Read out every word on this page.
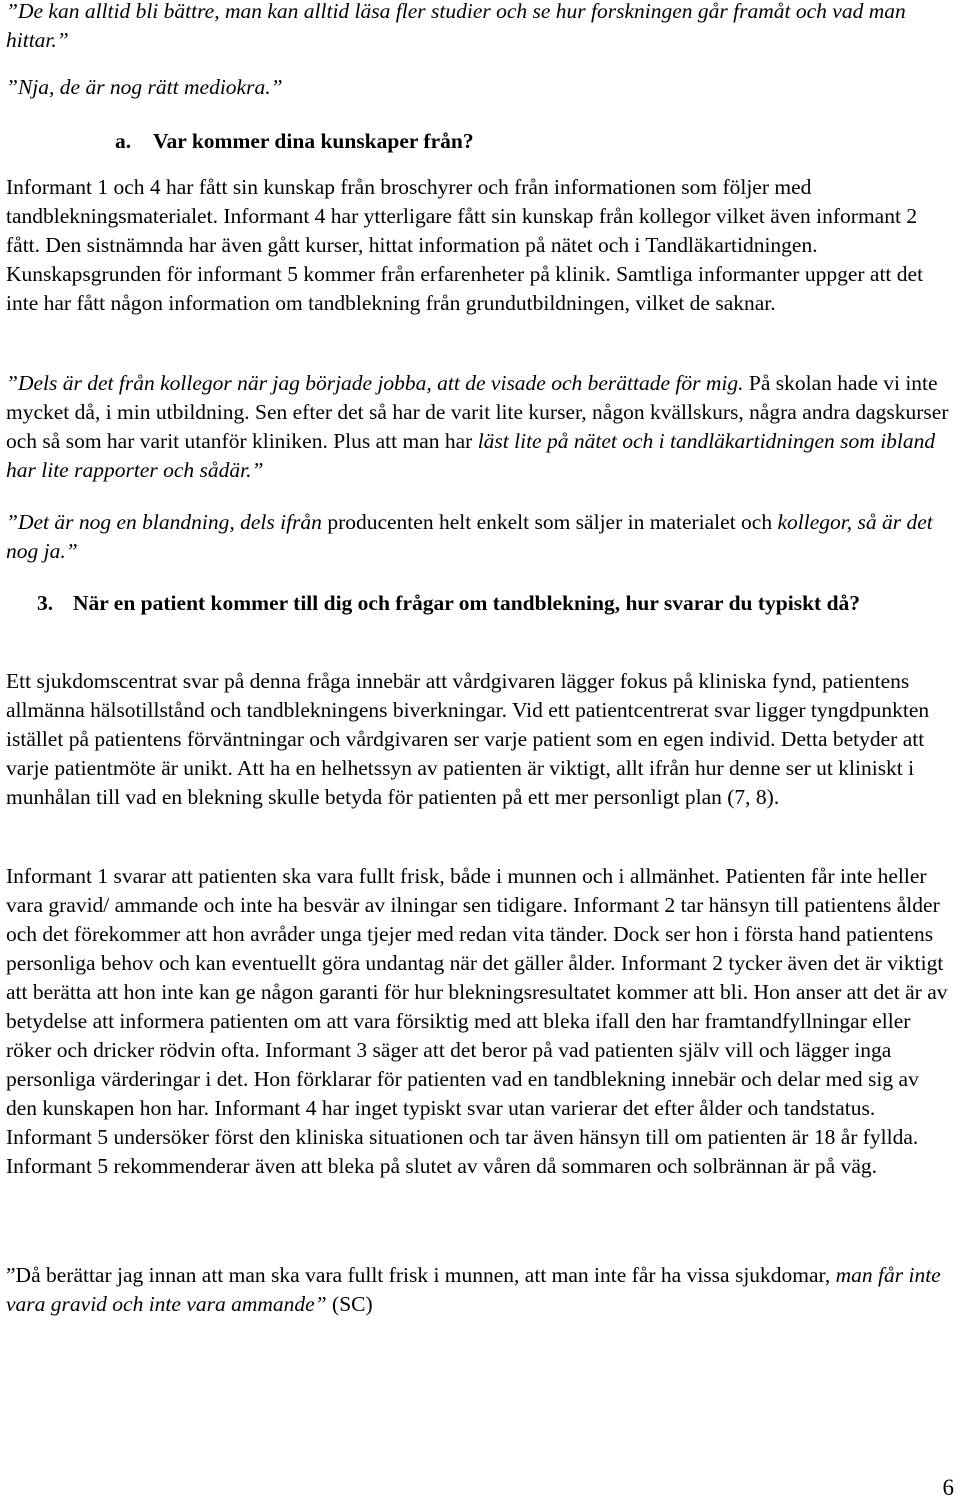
”De kan alltid bli bättre, man kan alltid läsa fler studier och se hur forskningen går framåt och vad man hittar.”

”Nja, de är nog rätt mediokra.”

a. Var kommer dina kunskaper från?

Informant 1 och 4 har fått sin kunskap från broschyrer och från informationen som följer med tandblekningsmaterialet. Informant 4 har ytterligare fått sin kunskap från kollegor vilket även informant 2 fått. Den sistnämnda har även gått kurser, hittat information på nätet och i Tandläkartidningen. Kunskapsgrunden för informant 5 kommer från erfarenheter på klinik. Samtliga informanter uppger att det inte har fått någon information om tandblekning från grundutbildningen, vilket de saknar.

”Dels är det från kollegor när jag började jobba, att de visade och berättade för mig. På skolan hade vi inte mycket då, i min utbildning. Sen efter det så har de varit lite kurser, någon kvällskurs, några andra dagskurser och så som har varit utanför kliniken. Plus att man har läst lite på nätet och i tandläkartidningen som ibland har lite rapporter och sådär.”

”Det är nog en blandning, dels ifrån producenten helt enkelt som säljer in materialet och kollegor, så är det nog ja.”

3. När en patient kommer till dig och frågar om tandblekning, hur svarar du typiskt då?

Ett sjukdomscentrat svar på denna fråga innebär att vårdgivaren lägger fokus på kliniska fynd, patientens allmänna hälsotillstånd och tandblekningens biverkningar. Vid ett patientcentrerat svar ligger tyngdpunkten istället på patientens förväntningar och vårdgivaren ser varje patient som en egen individ. Detta betyder att varje patientmöte är unikt. Att ha en helhetssyn av patienten är viktigt, allt ifrån hur denne ser ut kliniskt i munhålan till vad en blekning skulle betyda för patienten på ett mer personligt plan (7, 8).

Informant 1 svarar att patienten ska vara fullt frisk, både i munnen och i allmänhet. Patienten får inte heller vara gravid/ ammande och inte ha besvär av ilningar sen tidigare. Informant 2 tar hänsyn till patientens ålder och det förekommer att hon avråder unga tjejer med redan vita tänder. Dock ser hon i första hand patientens personliga behov och kan eventuellt göra undantag när det gäller ålder. Informant 2 tycker även det är viktigt att berätta att hon inte kan ge någon garanti för hur blekningsresultatet kommer att bli. Hon anser att det är av betydelse att informera patienten om att vara försiktig med att bleka ifall den har framtandfyllningar eller röker och dricker rödvin ofta. Informant 3 säger att det beror på vad patienten själv vill och lägger inga personliga värderingar i det. Hon förklarar för patienten vad en tandblekning innebär och delar med sig av den kunskapen hon har. Informant 4 har inget typiskt svar utan varierar det efter ålder och tandstatus. Informant 5 undersöker först den kliniska situationen och tar även hänsyn till om patienten är 18 år fyllda. Informant 5 rekommenderar även att bleka på slutet av våren då sommaren och solbrännan är på väg.

”Då berättar jag innan att man ska vara fullt frisk i munnen, att man inte får ha vissa sjukdomar, man får inte vara gravid och inte vara ammande” (SC)

6
